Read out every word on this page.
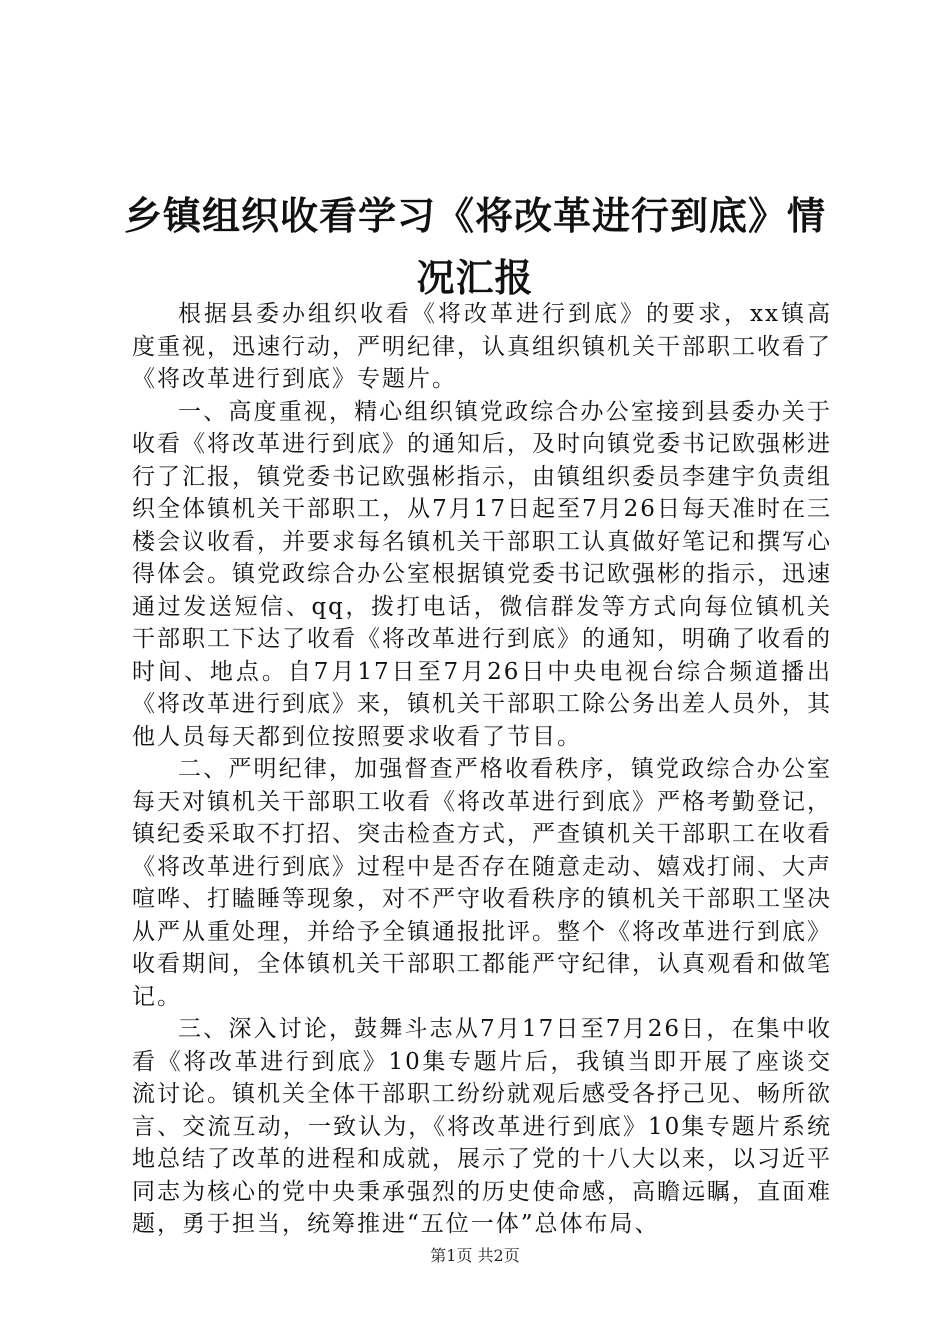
乡镇组织收看学习《将改革进行到底》情况汇报

根据县委办组织收看《将改革进行到底》的要求，xx镇高度重视，迅速行动，严明纪律，认真组织镇机关干部职工收看了《将改革进行到底》专题片。

一、高度重视，精心组织镇党政综合办公室接到县委办关于收看《将改革进行到底》的通知后，及时向镇党委书记欧强彬进行了汇报，镇党委书记欧强彬指示，由镇组织委员李建宇负责组织全体镇机关干部职工，从7月17日起至7月26日每天准时在三楼会议收看，并要求每名镇机关干部职工认真做好笔记和撰写心得体会。镇党政综合办公室根据镇党委书记欧强彬的指示，迅速通过发送短信、qq，拨打电话，微信群发等方式向每位镇机关干部职工下达了收看《将改革进行到底》的通知，明确了收看的时间、地点。自7月17日至7月26日中央电视台综合频道播出《将改革进行到底》来，镇机关干部职工除公务出差人员外，其他人员每天都到位按照要求收看了节目。

二、严明纪律，加强督查严格收看秩序，镇党政综合办公室每天对镇机关干部职工收看《将改革进行到底》严格考勤登记，镇纪委采取不打招、突击检查方式，严查镇机关干部职工在收看《将改革进行到底》过程中是否存在随意走动、嬉戏打闹、大声喧哗、打瞌睡等现象，对不严守收看秩序的镇机关干部职工坚决从严从重处理，并给予全镇通报批评。整个《将改革进行到底》收看期间，全体镇机关干部职工都能严守纪律，认真观看和做笔记。

三、深入讨论，鼓舞斗志从7月17日至7月26日，在集中收看《将改革进行到底》10集专题片后，我镇当即开展了座谈交流讨论。镇机关全体干部职工纷纷就观后感受各抒己见、畅所欲言、交流互动，一致认为，《将改革进行到底》10集专题片系统地总结了改革的进程和成就，展示了党的十八大以来，以习近平同志为核心的党中央秉承强烈的历史使命感，高瞻远瞩，直面难题，勇于担当，统筹推进“五位一体”总体布局、

第1页 共2页
